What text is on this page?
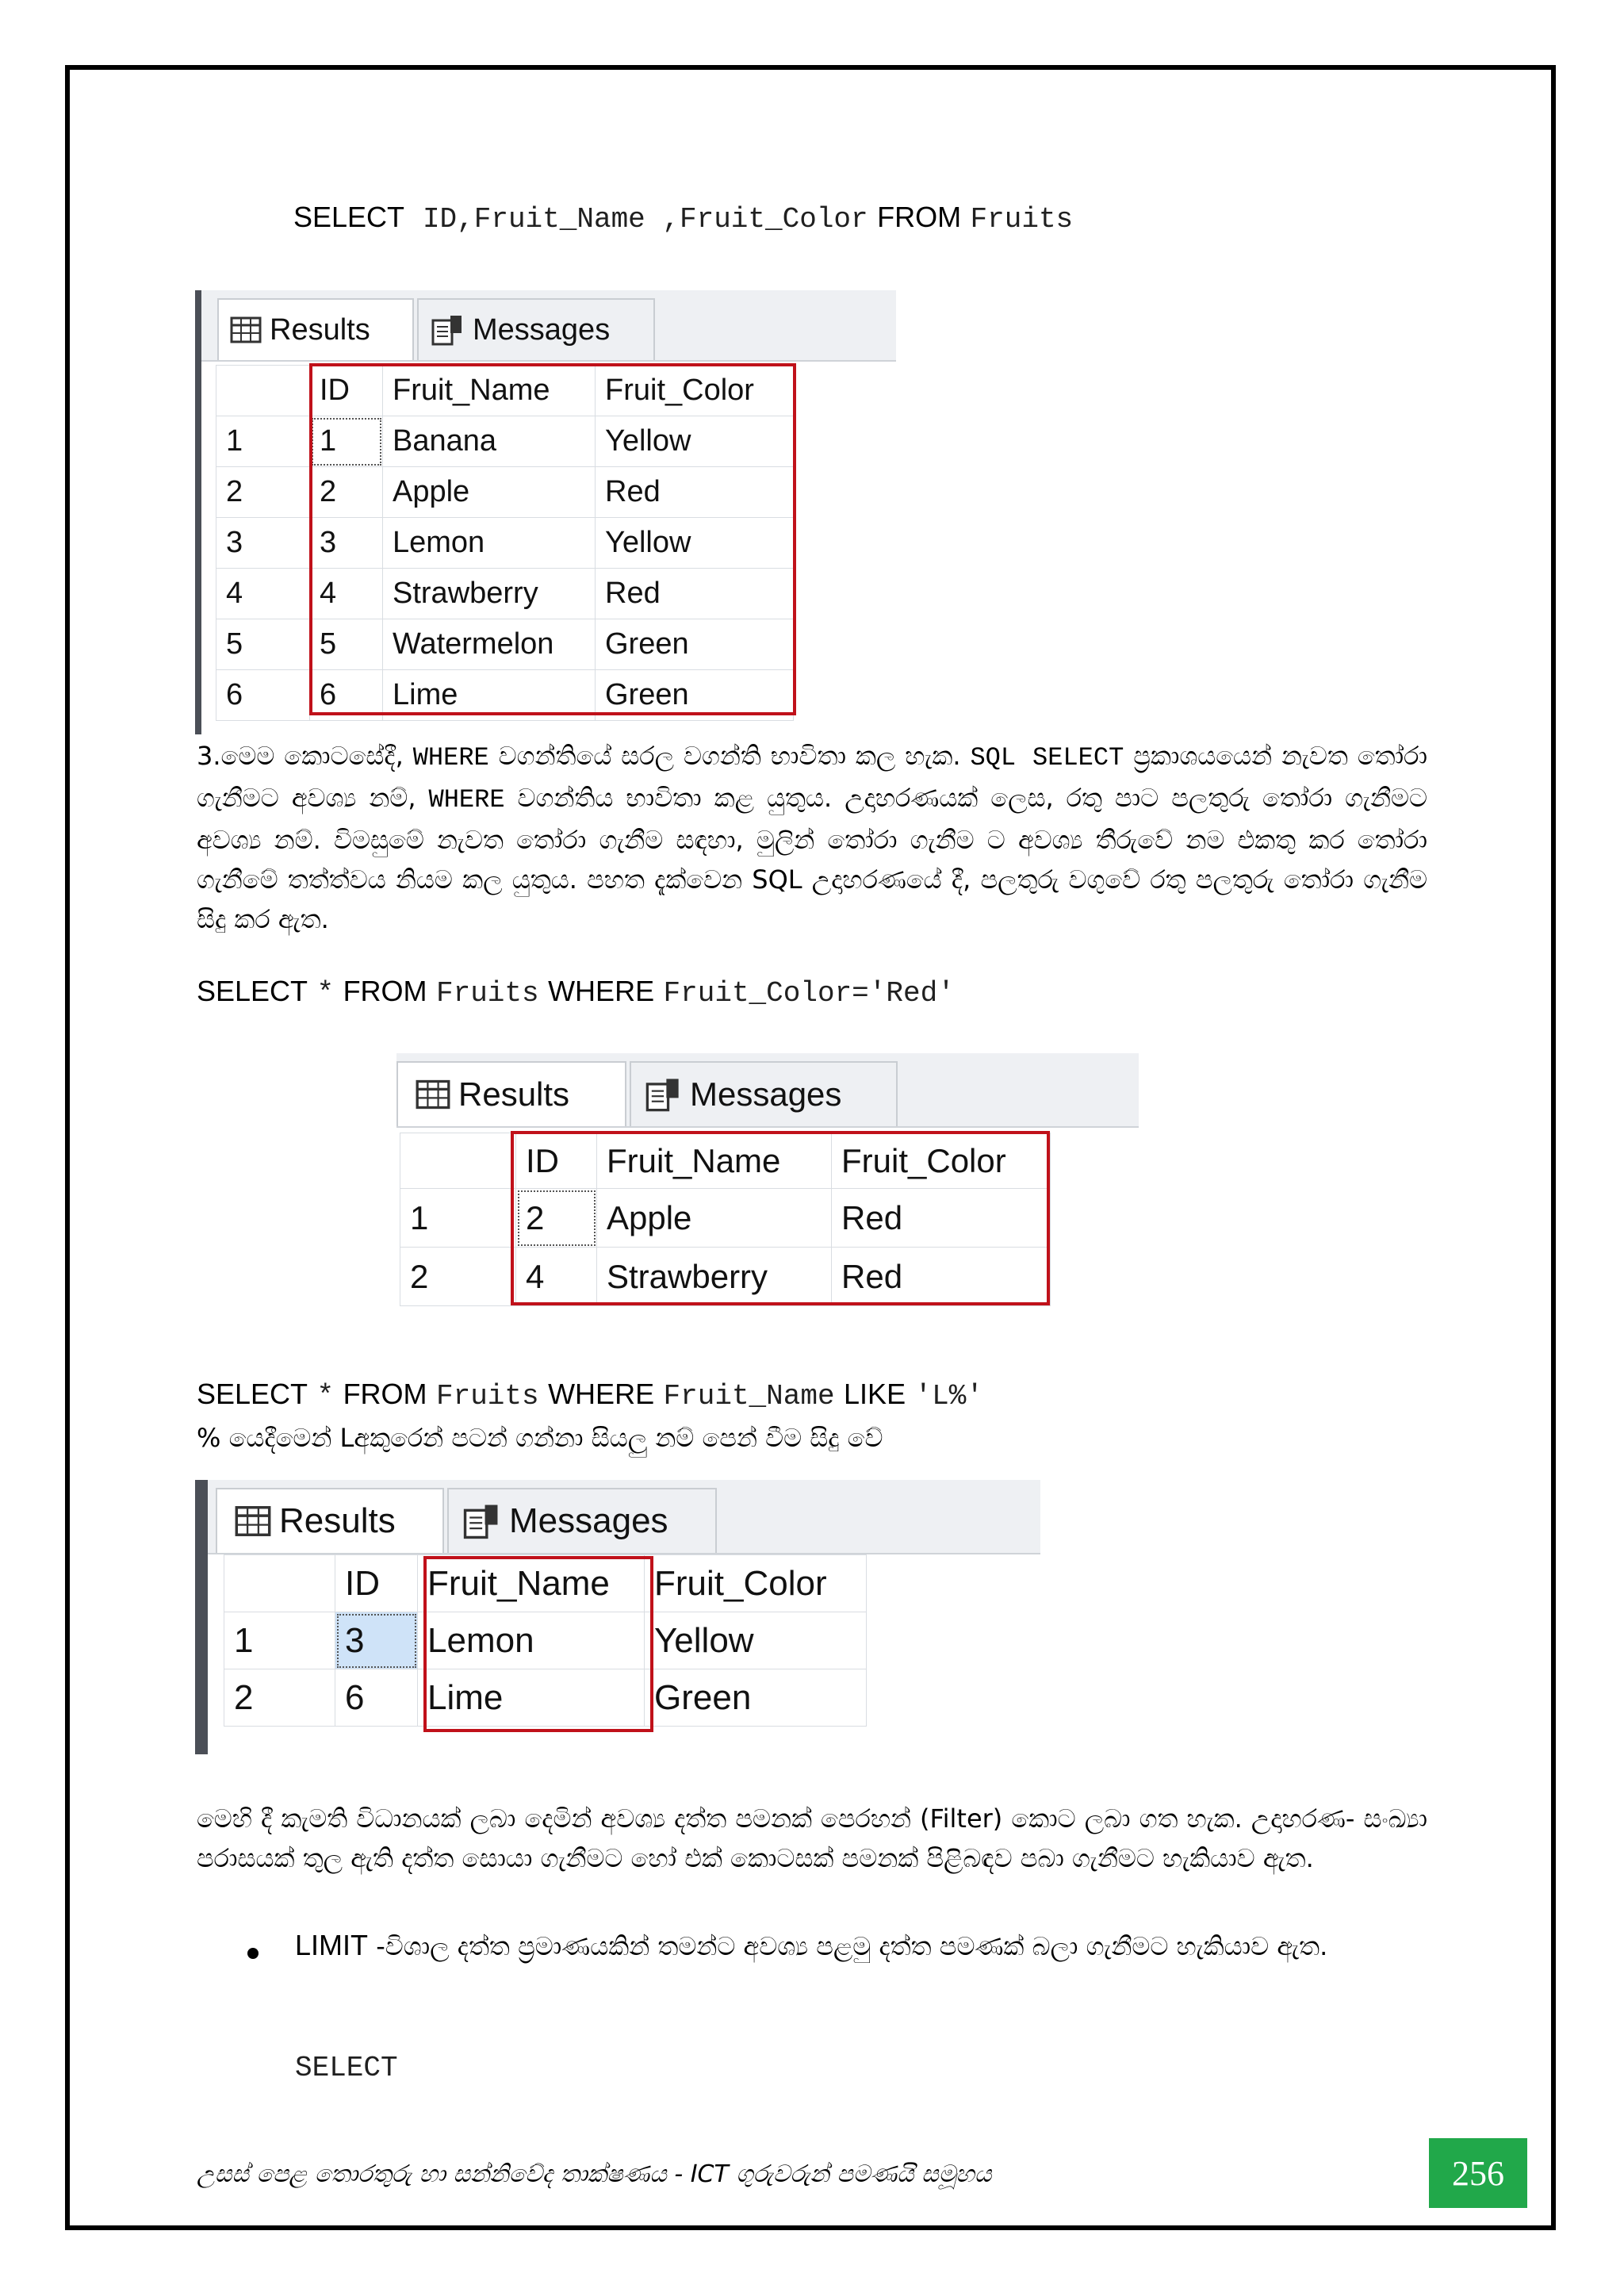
SELECT ID,Fruit_Name ,Fruit_Color FROM Fruits
Results	Messages
	ID	Fruit_Name	Fruit_Color
1	1	Banana	Yellow
2	2	Apple	Red
3	3	Lemon	Yellow
4	4	Strawberry	Red
5	5	Watermelon	Green
6	6	Lime	Green
3.මෙම කොටසේදී, WHERE වගන්තියේ සරල වගන්ති භාවිතා කල හැක. SQL SELECT ප්‍රකාශයයෙන් නැවත තෝරා ගැනීමට අවශ්‍ය නම්, WHERE වගන්තිය භාවිතා කළ යුතුය. උදාහරණයක් ලෙස, රතු පාට පලතුරු තෝරා ගැනීමට අවශ්‍ය නම්. විමසුමේ නැවත තෝරා ගැනීම සඳහා, මුලින් තෝරා ගැනීම ට අවශ්‍ය තීරුවේ නම එකතු කර තෝරා ගැනීමේ තත්ත්වය නියම කල යුතුය. පහත දැක්වෙන SQL උදාහරණයේ දී, පලතුරු වගුවේ රතු පලතුරු තෝරා ගැනීම සිදු කර ඇත.
SELECT * FROM Fruits WHERE Fruit_Color='Red'
Results	Messages
	ID	Fruit_Name	Fruit_Color
1	2	Apple	Red
2	4	Strawberry	Red
SELECT * FROM Fruits WHERE Fruit_Name LIKE 'L%'
% යෙදීමෙන් Lඅකුරෙන් පටන් ගන්නා සියලු නම් පෙන් වීම සිදු වේ
Results	Messages
	ID	Fruit_Name	Fruit_Color
1	3	Lemon	Yellow
2	6	Lime	Green
මෙහි දී කැමති විධානයක් ලබා දෙමින් අවශ්‍ය දත්ත පමනක් පෙරහන් (Filter) කොට ලබා ගත හැක. උදාහරණ- සංඛ්‍යා පරාසයක් තුල ඇති දත්ත සොයා ගැනීමට හෝ එක් කොටසක් පමනක් පිළිබඳව පබා ගැනීමට හැකියාව ඇත.
LIMIT -විශාල දත්ත ප්‍රමාණයකින් තමන්ට අවශ්‍ය පළමු දත්ත පමණක් බලා ගැනීමට හැකියාව ඇත.
SELECT
උසස් පෙළ තොරතුරු හා සන්නිවේද තාක්ෂණය - ICT ගුරුවරුන් පමණයි සමූහය	256
